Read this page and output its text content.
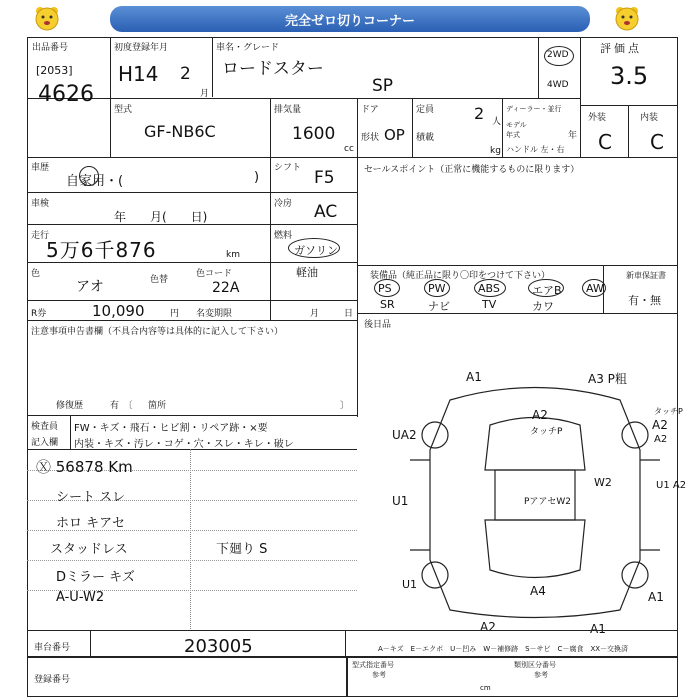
完全ゼロ切りコーナー
出品番号
[2053]
4626
初度登録年月
H14 2
月
車名・グレード
ロードスター
SP
2WD
4WD
評価点
3.5
外装	内装
C C
型式
GF-NB6C
排気量
1600
cc
ドア
形状 OP
定員 2 人
積載
kg
ディーラー・並行
モデル年式	年
ハンドル 左・右
車歴
自家用・(	)
シフト F5
車検
年　　月(　　日)
冷房 AC
走行
5万6千876	km
燃料
ガソリン
軽油
色
アオ	色替
色コード
22A
R券	10,090	円 名変期限	月	日
セールスポイント（正常に機能するものに限ります）
装備品（純正品に限り〇印をつけて下さい）
PS	PW	ABS	エアB AW
SR	ナビ	TV	カワ
新車保証書
有・無
後日品
注意事項申告書欄（不具合内容等は具体的に記入して下さい）
修復歴	有　〔 箇所	〕
検査員
記入欄
FW・キズ・飛石・ヒビ割・リペア跡・×要
内装・キズ・汚レ・コゲ・穴・スレ・キレ・破レ
Ⓧ 56878 Km
シート スレ
ホロ キアセ
スタッドレス
Dミラー キズ
A-U-W2
下廻り S
A1	A3 P粗
A2
A2
タッチP
U1
UA2
PアアセW2
U1 A2
W2
U1	A4	A1
A2	A1
A2
タッチP
車台番号	203005	A－キズ　E－エクボ　U－凹み　W－補修跡　S－サビ　C－腐食　XX－交換済
登録番号
型式指定番号
参考
類別区分番号
参考
cm
